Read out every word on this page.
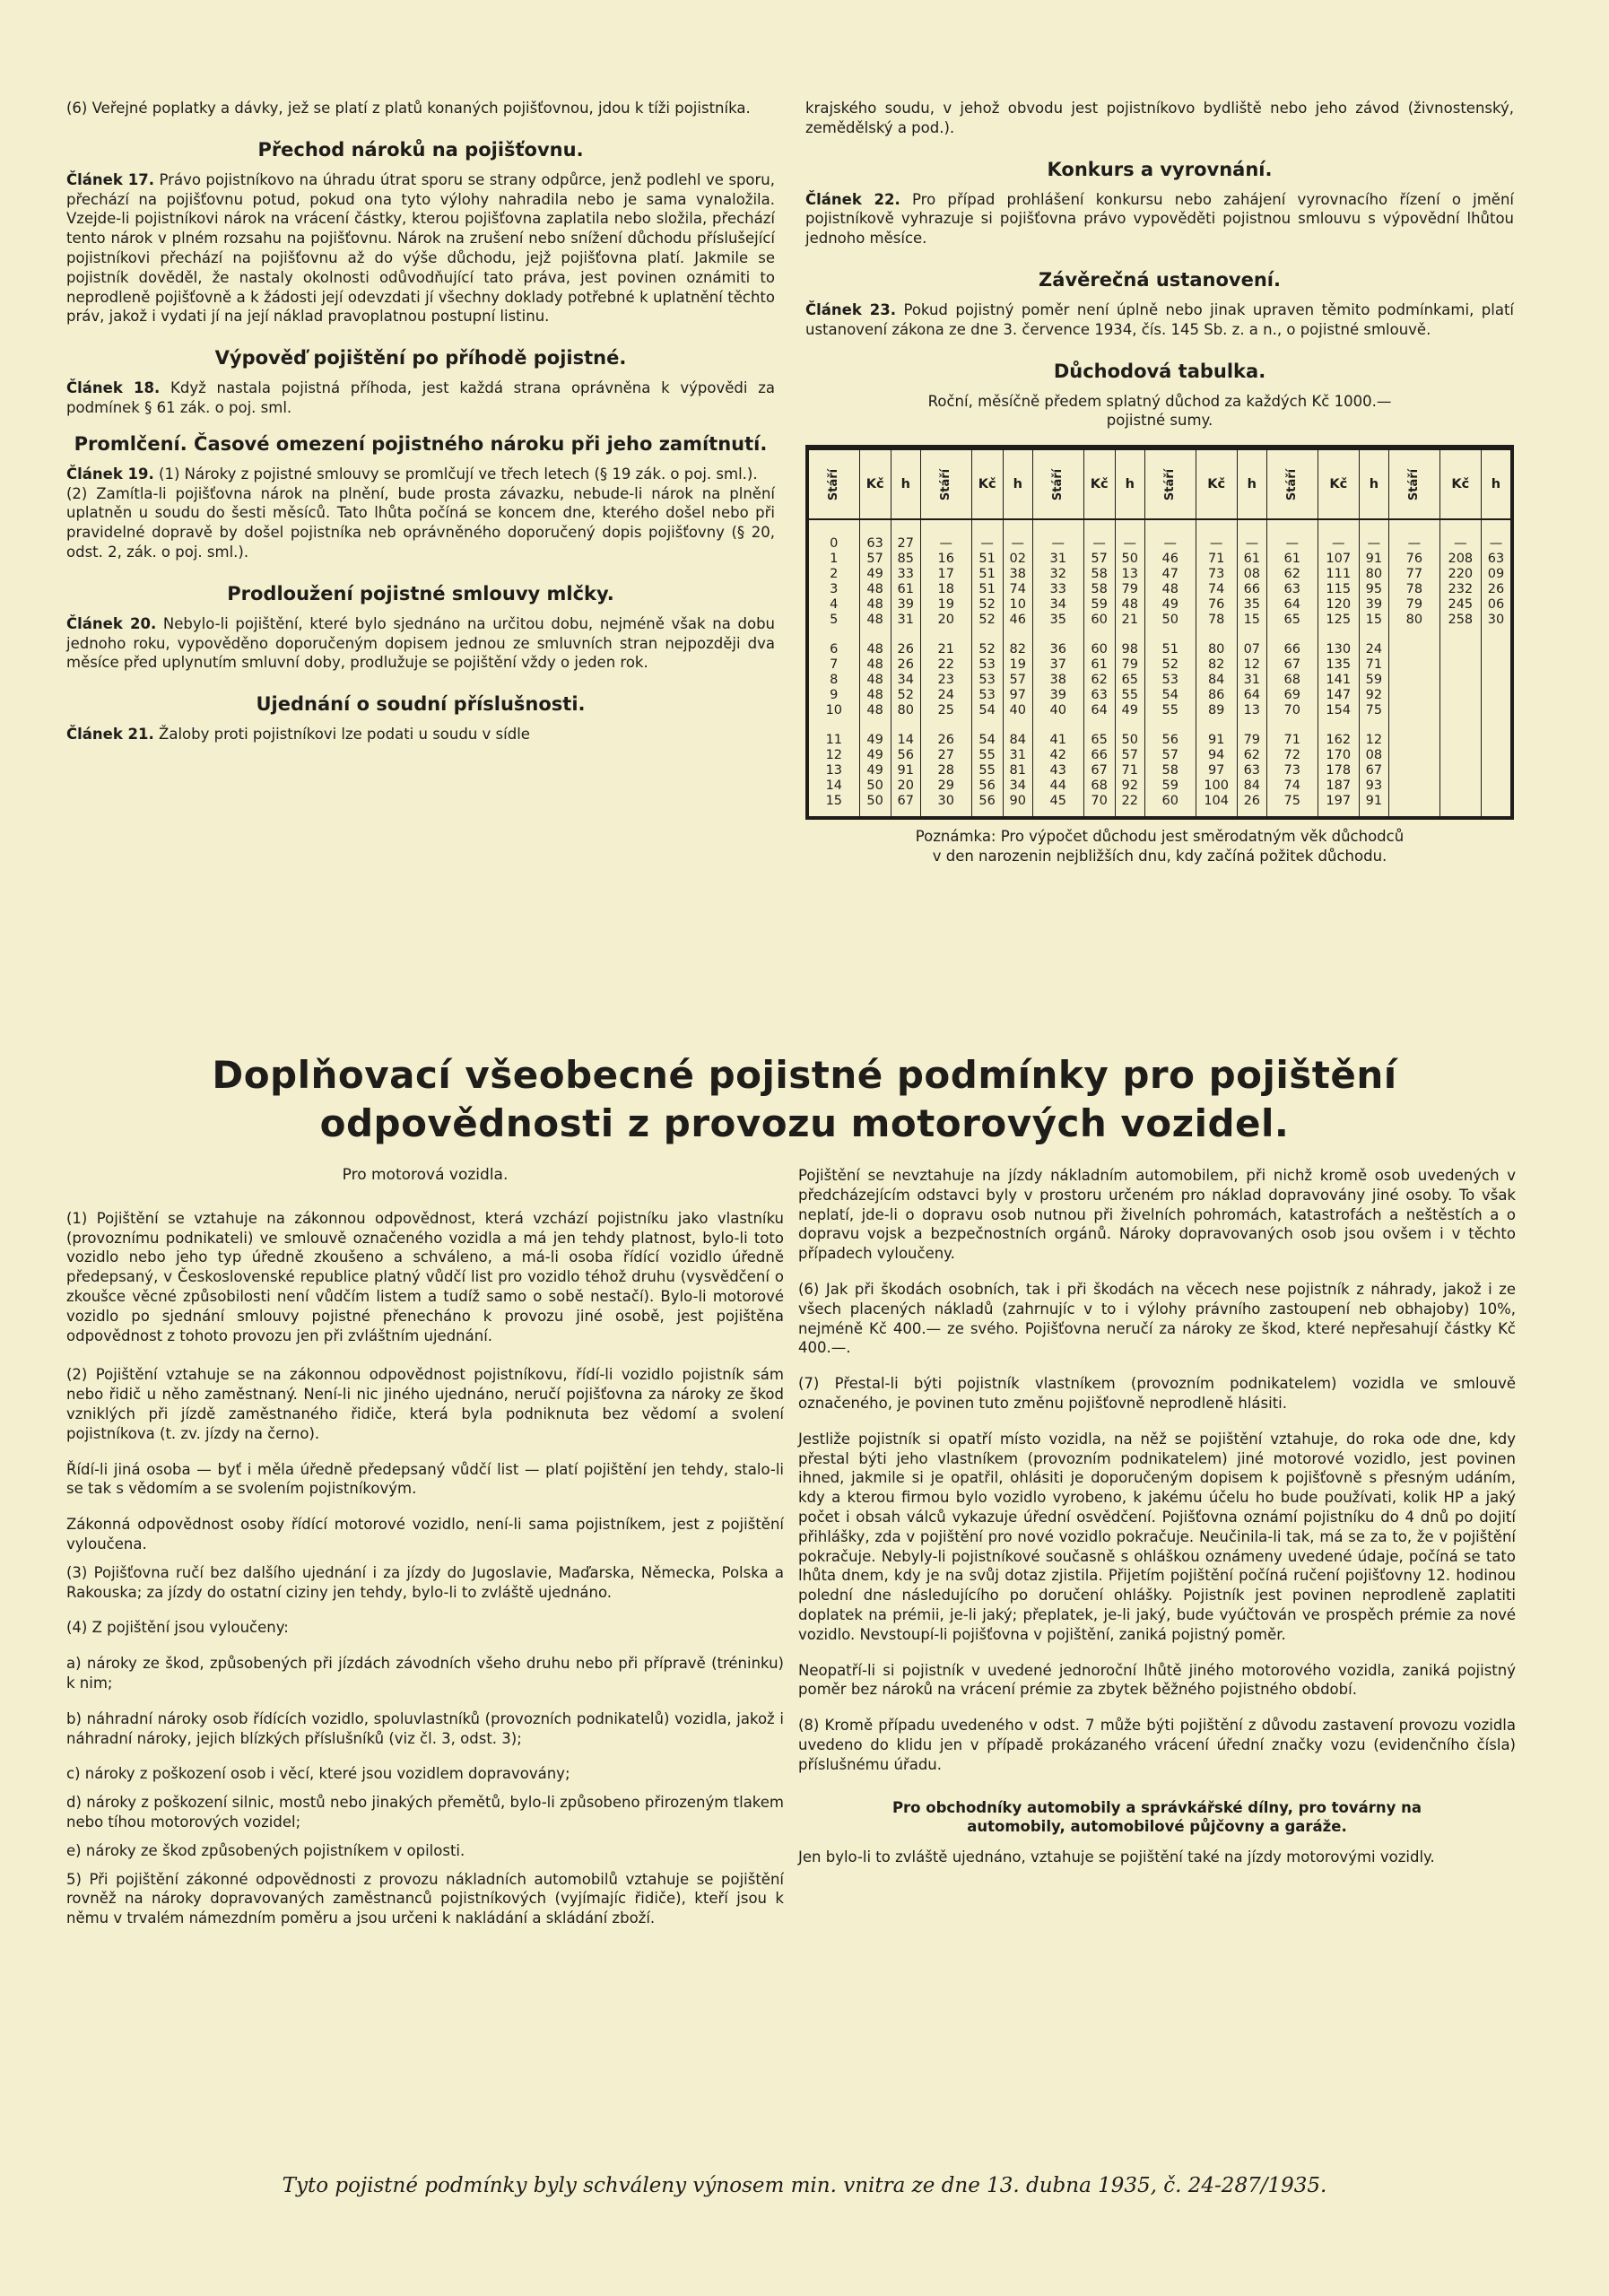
(6) Veřejné poplatky a dávky, jež se platí z platů konaných pojišťovnou, jdou k tíži pojistníka.

Přechod nároků na pojišťovnu.

Článek 17. Právo pojistníkovo na úhradu útrat sporu se strany odpůrce, jenž podlehl ve sporu, přechází na pojišťovnu potud, pokud ona tyto výlohy nahradila nebo je sama vynaložila. Vzejde-li pojistníkovi nárok na vrácení částky, kterou pojišťovna zaplatila nebo složila, přechází tento nárok v plném rozsahu na pojišťovnu. Nárok na zrušení nebo snížení důchodu příslušející pojistníkovi přechází na pojišťovnu až do výše důchodu, jejž pojišťovna platí. Jakmile se pojistník dověděl, že nastaly okolnosti odůvodňující tato práva, jest povinen oznámiti to neprodleně pojišťovně a k žádosti její odevzdati jí všechny doklady potřebné k uplatnění těchto práv, jakož i vydati jí na její náklad pravoplatnou postupní listinu.

Výpověď pojištění po příhodě pojistné.

Článek 18. Když nastala pojistná příhoda, jest každá strana oprávněna k výpovědi za podmínek § 61 zák. o poj. sml.

Promlčení. Časové omezení pojistného nároku při jeho zamítnutí.

Článek 19. (1) Nároky z pojistné smlouvy se promlčují ve třech letech (§ 19 zák. o poj. sml.).

(2) Zamítla-li pojišťovna nárok na plnění, bude prosta závazku, nebude-li nárok na plnění uplatněn u soudu do šesti měsíců. Tato lhůta počíná se koncem dne, kterého došel nebo při pravidelné dopravě by došel pojistníka neb oprávněného doporučený dopis pojišťovny (§ 20, odst. 2, zák. o poj. sml.).

Prodloužení pojistné smlouvy mlčky.

Článek 20. Nebylo-li pojištění, které bylo sjednáno na určitou dobu, nejméně však na dobu jednoho roku, vypověděno doporučeným dopisem jednou ze smluvních stran nejpozději dva měsíce před uplynutím smluvní doby, prodlužuje se pojištění vždy o jeden rok.

Ujednání o soudní příslušnosti.

Článek 21. Žaloby proti pojistníkovi lze podati u soudu v sídle

krajského soudu, v jehož obvodu jest pojistníkovo bydliště nebo jeho závod (živnostenský, zemědělský a pod.).

Konkurs a vyrovnání.

Článek 22. Pro případ prohlášení konkursu nebo zahájení vyrovnacího řízení o jmění pojistníkově vyhrazuje si pojišťovna právo vypověděti pojistnou smlouvu s výpovědní lhůtou jednoho měsíce.

Závěrečná ustanovení.

Článek 23. Pokud pojistný poměr není úplně nebo jinak upraven těmito podmínkami, platí ustanovení zákona ze dne 3. července 1934, čís. 145 Sb. z. a n., o pojistné smlouvě.

Důchodová tabulka.

Roční, měsíčně předem splatný důchod za každých Kč 1000.—

pojistné sumy.

Stáří	Kč	h	Stáří	Kč	h	Stáří	Kč	h	Stáří	Kč	h	Stáří	Kč	h	Stáří	Kč	h
0	63	27	—	—	—	—	—	—	—	—	—	—	—	—	—	—	—
1	57	85	16	51	02	31	57	50	46	71	61	61	107	91	76	208	63
2	49	33	17	51	38	32	58	13	47	73	08	62	111	80	77	220	09
3	48	61	18	51	74	33	58	79	48	74	66	63	115	95	78	232	26
4	48	39	19	52	10	34	59	48	49	76	35	64	120	39	79	245	06
5	48	31	20	52	46	35	60	21	50	78	15	65	125	15	80	258	30
6	48	26	21	52	82	36	60	98	51	80	07	66	130	24			
7	48	26	22	53	19	37	61	79	52	82	12	67	135	71			
8	48	34	23	53	57	38	62	65	53	84	31	68	141	59			
9	48	52	24	53	97	39	63	55	54	86	64	69	147	92			
10	48	80	25	54	40	40	64	49	55	89	13	70	154	75			
11	49	14	26	54	84	41	65	50	56	91	79	71	162	12			
12	49	56	27	55	31	42	66	57	57	94	62	72	170	08			
13	49	91	28	55	81	43	67	71	58	97	63	73	178	67			
14	50	20	29	56	34	44	68	92	59	100	84	74	187	93			
15	50	67	30	56	90	45	70	22	60	104	26	75	197	91			

Poznámka: Pro výpočet důchodu jest směrodatným věk důchodců

v den narozenin nejbližších dnu, kdy začíná požitek důchodu.

Doplňovací všeobecné pojistné podmínky pro pojištění
odpovědnosti z provozu motorových vozidel.

Pro motorová vozidla.

(1) Pojištění se vztahuje na zákonnou odpovědnost, která vzchází pojistníku jako vlastníku (provoznímu podnikateli) ve smlouvě označeného vozidla a má jen tehdy platnost, bylo-li toto vozidlo nebo jeho typ úředně zkoušeno a schváleno, a má-li osoba řídící vozidlo úředně předepsaný, v Československé republice platný vůdčí list pro vozidlo téhož druhu (vysvědčení o zkoušce věcné způsobilosti není vůdčím listem a tudíž samo o sobě nestačí). Bylo-li motorové vozidlo po sjednání smlouvy pojistné přenecháno k provozu jiné osobě, jest pojištěna odpovědnost z tohoto provozu jen při zvláštním ujednání.

(2) Pojištění vztahuje se na zákonnou odpovědnost pojistníkovu, řídí-li vozidlo pojistník sám nebo řidič u něho zaměstnaný. Není-li nic jiného ujednáno, neručí pojišťovna za nároky ze škod vzniklých při jízdě zaměstnaného řidiče, která byla podniknuta bez vědomí a svolení pojistníkova (t. zv. jízdy na černo).

Řídí-li jiná osoba — byť i měla úředně předepsaný vůdčí list — platí pojištění jen tehdy, stalo-li se tak s vědomím a se svolením pojistníkovým.

Zákonná odpovědnost osoby řídící motorové vozidlo, není-li sama pojistníkem, jest z pojištění vyloučena.

(3) Pojišťovna ručí bez dalšího ujednání i za jízdy do Jugoslavie, Maďarska, Německa, Polska a Rakouska; za jízdy do ostatní ciziny jen tehdy, bylo-li to zvláště ujednáno.

(4) Z pojištění jsou vyloučeny:

a) nároky ze škod, způsobených při jízdách závodních všeho druhu nebo při přípravě (tréninku) k nim;

b) náhradní nároky osob řídících vozidlo, spoluvlastníků (provozních podnikatelů) vozidla, jakož i náhradní nároky, jejich blízkých příslušníků (viz čl. 3, odst. 3);

c) nároky z poškození osob i věcí, které jsou vozidlem dopravovány;

d) nároky z poškození silnic, mostů nebo jinakých přemětů, bylo-li způsobeno přirozeným tlakem nebo tíhou motorových vozidel;

e) nároky ze škod způsobených pojistníkem v opilosti.

5) Při pojištění zákonné odpovědnosti z provozu nákladních automobilů vztahuje se pojištění rovněž na nároky dopravovaných zaměstnanců pojistníkových (vyjímajíc řidiče), kteří jsou k němu v trvalém námezdním poměru a jsou určeni k nakládání a skládání zboží.

Pojištění se nevztahuje na jízdy nákladním automobilem, při nichž kromě osob uvedených v předcházejícím odstavci byly v prostoru určeném pro náklad dopravovány jiné osoby. To však neplatí, jde-li o dopravu osob nutnou při živelních pohromách, katastrofách a neštěstích a o dopravu vojsk a bezpečnostních orgánů. Nároky dopravovaných osob jsou ovšem i v těchto případech vyloučeny.

(6) Jak při škodách osobních, tak i při škodách na věcech nese pojistník z náhrady, jakož i ze všech placených nákladů (zahrnujíc v to i výlohy právního zastoupení neb obhajoby) 10%, nejméně Kč 400.— ze svého. Pojišťovna neručí za nároky ze škod, které nepřesahují částky Kč 400.—.

(7) Přestal-li býti pojistník vlastníkem (provozním podnikatelem) vozidla ve smlouvě označeného, je povinen tuto změnu pojišťovně neprodleně hlásiti.

Jestliže pojistník si opatří místo vozidla, na něž se pojištění vztahuje, do roka ode dne, kdy přestal býti jeho vlastníkem (provozním podnikatelem) jiné motorové vozidlo, jest povinen ihned, jakmile si je opatřil, ohlásiti je doporučeným dopisem k pojišťovně s přesným udáním, kdy a kterou firmou bylo vozidlo vyrobeno, k jakému účelu ho bude používati, kolik HP a jaký počet i obsah válců vykazuje úřední osvědčení. Pojišťovna oznámí pojistníku do 4 dnů po dojití přihlášky, zda v pojištění pro nové vozidlo pokračuje. Neučinila-li tak, má se za to, že v pojištění pokračuje. Nebyly-li pojistníkové současně s ohláškou oznámeny uvedené údaje, počíná se tato lhůta dnem, kdy je na svůj dotaz zjistila. Přijetím pojištění počíná ručení pojišťovny 12. hodinou polední dne následujícího po doručení ohlášky. Pojistník jest povinen neprodleně zaplatiti doplatek na prémii, je-li jaký; přeplatek, je-li jaký, bude vyúčtován ve prospěch prémie za nové vozidlo. Nevstoupí-li pojišťovna v pojištění, zaniká pojistný poměr.

Neopatří-li si pojistník v uvedené jednoroční lhůtě jiného motorového vozidla, zaniká pojistný poměr bez nároků na vrácení prémie za zbytek běžného pojistného období.

(8) Kromě případu uvedeného v odst. 7 může býti pojištění z důvodu zastavení provozu vozidla uvedeno do klidu jen v případě prokázaného vrácení úřední značky vozu (evidenčního čísla) příslušnému úřadu.

Pro obchodníky automobily a správkářské dílny, pro továrny na

automobily, automobilové půjčovny a garáže.

Jen bylo-li to zvláště ujednáno, vztahuje se pojištění také na jízdy motorovými vozidly.

Tyto pojistné podmínky byly schváleny výnosem min. vnitra ze dne 13. dubna 1935, č. 24-287/1935.
